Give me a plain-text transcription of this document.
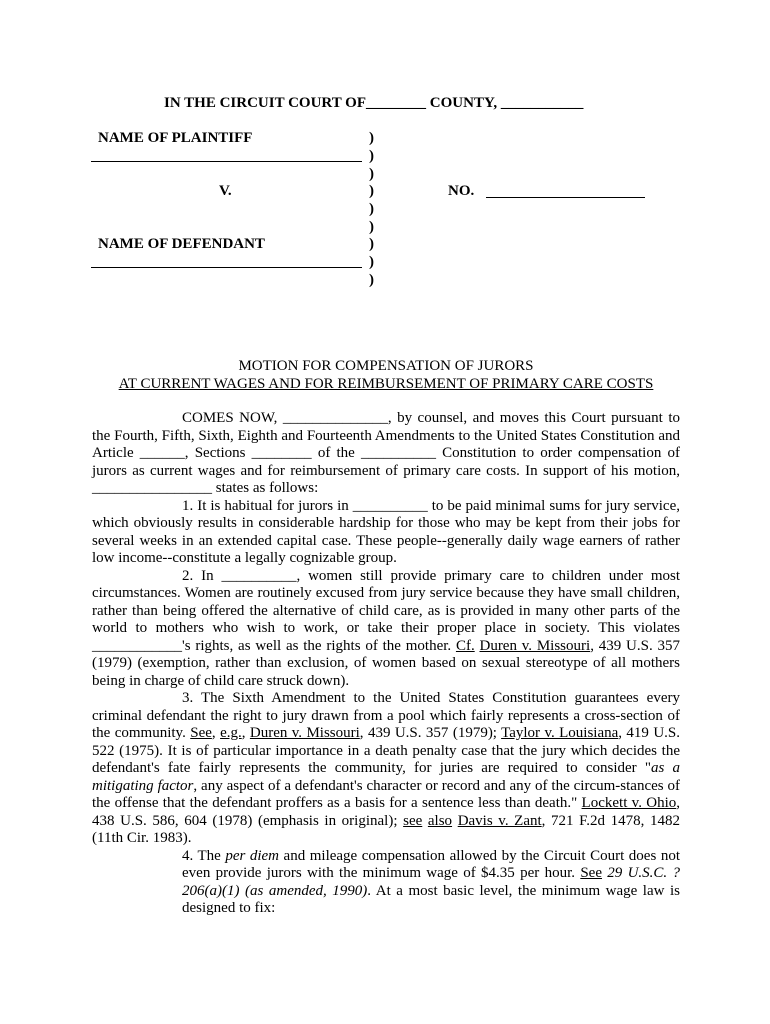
IN THE CIRCUIT COURT OF________ COUNTY, ___________
NAME OF PLAINTIFF
V.
NAME OF DEFENDANT
)
)
)
)
)
)
)
)
)
NO.
MOTION FOR COMPENSATION OF JURORS
AT CURRENT WAGES AND FOR REIMBURSEMENT OF PRIMARY CARE COSTS

COMES NOW, ______________, by counsel, and moves this Court pursuant to the Fourth, Fifth, Sixth, Eighth and Fourteenth Amendments to the United States Constitution and Article ______, Sections ________ of the __________ Constitution to order compensation of jurors as current wages and for reimbursement of primary care costs. In support of his motion, ________________ states as follows:

1. It is habitual for jurors in __________ to be paid minimal sums for jury service, which obviously results in considerable hardship for those who may be kept from their jobs for several weeks in an extended capital case. These people--generally daily wage earners of rather low income--constitute a legally cognizable group.

2. In __________, women still provide primary care to children under most circumstances. Women are routinely excused from jury service because they have small children, rather than being offered the alternative of child care, as is provided in many other parts of the world to mothers who wish to work, or take their proper place in society. This violates ____________'s rights, as well as the rights of the mother. Cf. Duren v. Missouri, 439 U.S. 357 (1979) (exemption, rather than exclusion, of women based on sexual stereotype of all mothers being in charge of child care struck down).

3. The Sixth Amendment to the United States Constitution guarantees every criminal defendant the right to jury drawn from a pool which fairly represents a cross-section of the community. See, e.g., Duren v. Missouri, 439 U.S. 357 (1979); Taylor v. Louisiana, 419 U.S. 522 (1975). It is of particular importance in a death penalty case that the jury which decides the defendant's fate fairly represents the community, for juries are required to consider "as a mitigating factor, any aspect of a defendant's character or record and any of the circum-stances of the offense that the defendant proffers as a basis for a sentence less than death." Lockett v. Ohio, 438 U.S. 586, 604 (1978) (emphasis in original); see also Davis v. Zant, 721 F.2d 1478, 1482 (11th Cir. 1983).

4. The per diem and mileage compensation allowed by the Circuit Court does not even provide jurors with the minimum wage of $4.35 per hour. See 29 U.S.C. ? 206(a)(1) (as amended, 1990). At a most basic level, the minimum wage law is designed to fix:
